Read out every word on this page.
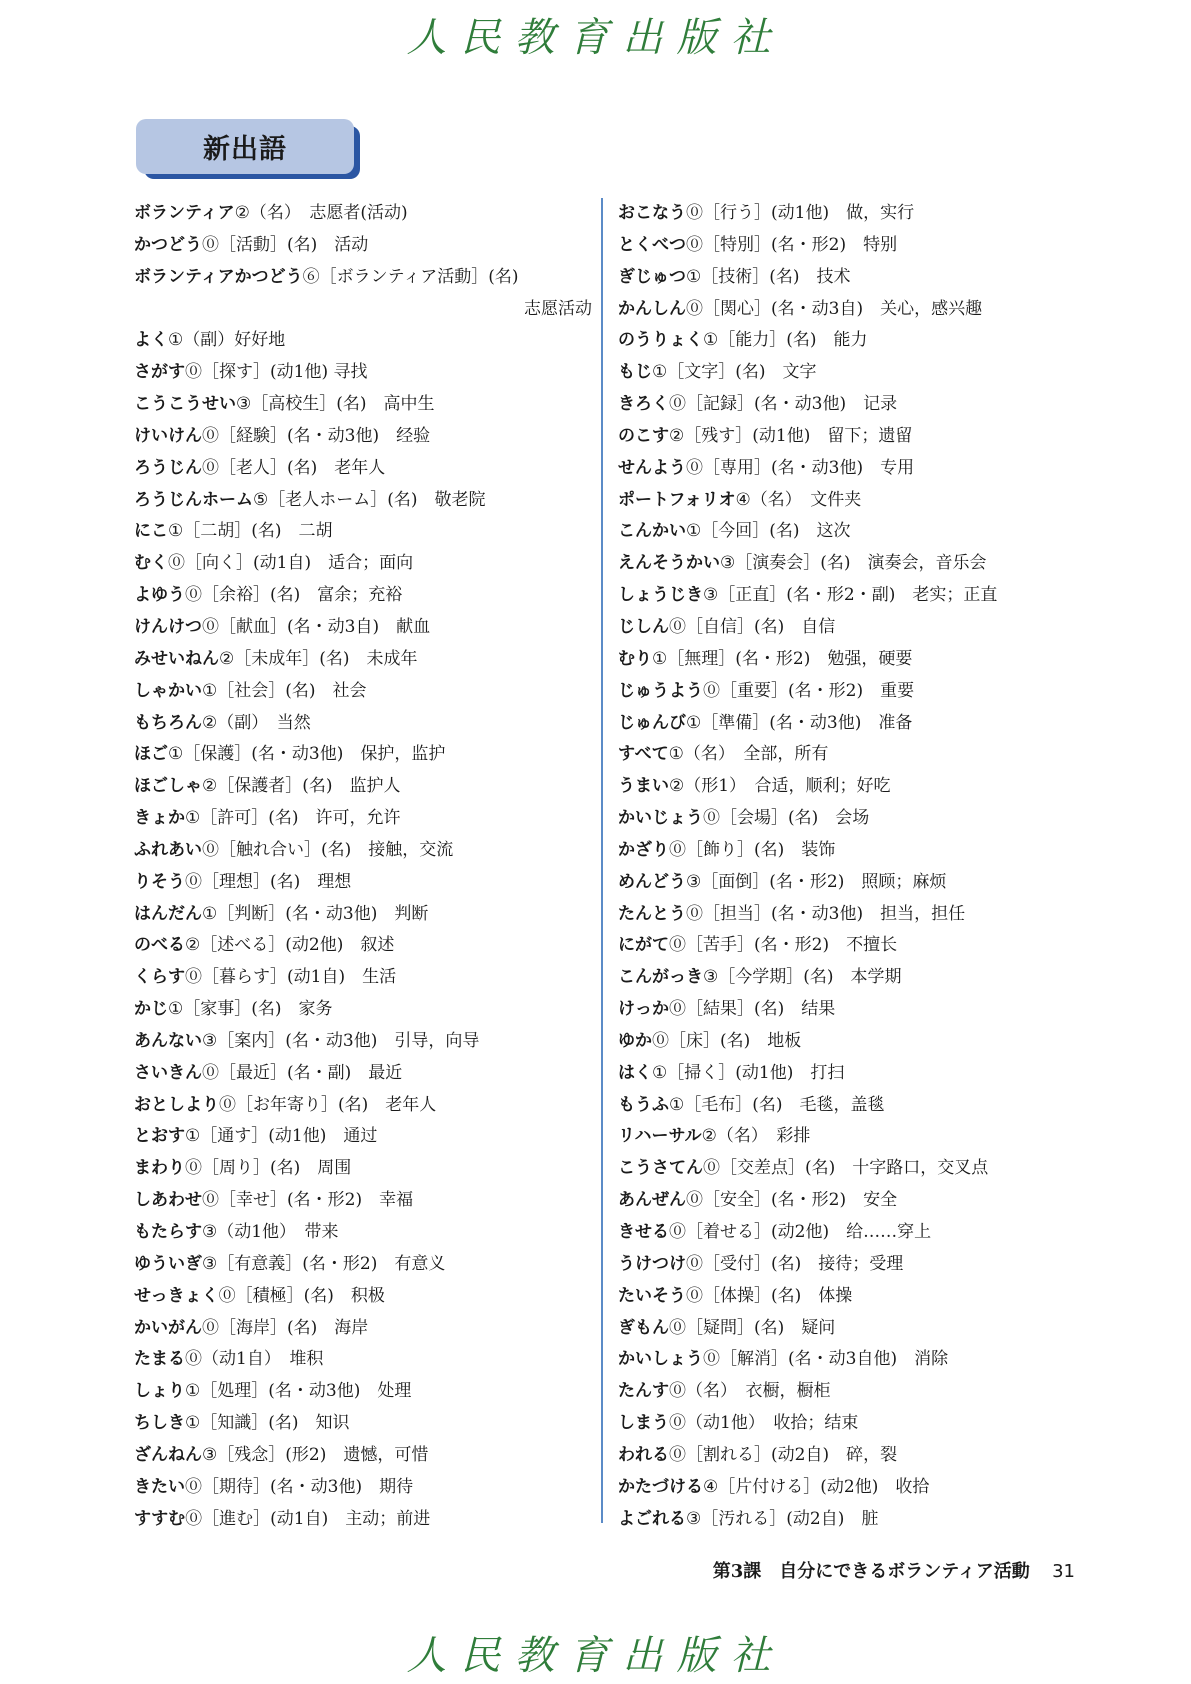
人民教育出版社
新出語
ボランティア②（名）　志愿者(活动)
かつどう⓪［活動］(名)　活动
ボランティアかつどう⑥［ボランティア活動］(名)
志愿活动
よく①（副）好好地
さがす⓪［探す］(动1他) 寻找
こうこうせい③［高校生］(名)　高中生
けいけん⓪［経験］(名・动3他)　经验
ろうじん⓪［老人］(名)　老年人
ろうじんホーム⑤［老人ホーム］(名)　敬老院
にこ①［二胡］(名)　二胡
むく⓪［向く］(动1自)　适合；面向
よゆう⓪［余裕］(名)　富余；充裕
けんけつ⓪［献血］(名・动3自)　献血
みせいねん②［未成年］(名)　未成年
しゃかい①［社会］(名)　社会
もちろん②（副）　当然
ほご①［保護］(名・动3他)　保护，监护
ほごしゃ②［保護者］(名)　监护人
きょか①［許可］(名)　许可，允许
ふれあい⓪［触れ合い］(名)　接触，交流
りそう⓪［理想］(名)　理想
はんだん①［判断］(名・动3他)　判断
のべる②［述べる］(动2他)　叙述
くらす⓪［暮らす］(动1自)　生活
かじ①［家事］(名)　家务
あんない③［案内］(名・动3他)　引导，向导
さいきん⓪［最近］(名・副)　最近
おとしより⓪［お年寄り］(名)　老年人
とおす①［通す］(动1他)　通过
まわり⓪［周り］(名)　周围
しあわせ⓪［幸せ］(名・形2)　幸福
もたらす③（动1他）　带来
ゆういぎ③［有意義］(名・形2)　有意义
せっきょく⓪［積極］(名)　积极
かいがん⓪［海岸］(名)　海岸
たまる⓪（动1自）　堆积
しょり①［処理］(名・动3他)　处理
ちしき①［知識］(名)　知识
ざんねん③［残念］(形2)　遗憾，可惜
きたい⓪［期待］(名・动3他)　期待
すすむ⓪［進む］(动1自)　主动；前进
おこなう⓪［行う］(动1他)　做，实行
とくべつ⓪［特別］(名・形2)　特别
ぎじゅつ①［技術］(名)　技术
かんしん⓪［関心］(名・动3自)　关心，感兴趣
のうりょく①［能力］(名)　能力
もじ①［文字］(名)　文字
きろく⓪［記録］(名・动3他)　记录
のこす②［残す］(动1他)　留下；遗留
せんよう⓪［専用］(名・动3他)　专用
ポートフォリオ④（名）　文件夹
こんかい①［今回］(名)　这次
えんそうかい③［演奏会］(名)　演奏会，音乐会
しょうじき③［正直］(名・形2・副)　老实；正直
じしん⓪［自信］(名)　自信
むり①［無理］(名・形2)　勉强，硬要
じゅうよう⓪［重要］(名・形2)　重要
じゅんび①［準備］(名・动3他)　准备
すべて①（名）　全部，所有
うまい②（形1）　合适，顺利；好吃
かいじょう⓪［会場］(名)　会场
かざり⓪［飾り］(名)　装饰
めんどう③［面倒］(名・形2)　照顾；麻烦
たんとう⓪［担当］(名・动3他)　担当，担任
にがて⓪［苦手］(名・形2)　不擅长
こんがっき③［今学期］(名)　本学期
けっか⓪［結果］(名)　结果
ゆか⓪［床］(名)　地板
はく①［掃く］(动1他)　打扫
もうふ①［毛布］(名)　毛毯，盖毯
リハーサル②（名）　彩排
こうさてん⓪［交差点］(名)　十字路口，交叉点
あんぜん⓪［安全］(名・形2)　安全
きせる⓪［着せる］(动2他)　给……穿上
うけつけ⓪［受付］(名)　接待；受理
たいそう⓪［体操］(名)　体操
ぎもん⓪［疑問］(名)　疑问
かいしょう⓪［解消］(名・动3自他)　消除
たんす⓪（名）　衣橱，橱柜
しまう⓪（动1他）　收拾；结束
われる⓪［割れる］(动2自)　碎，裂
かたづける④［片付ける］(动2他)　收拾
よごれる③［汚れる］(动2自)　脏
第3課　自分にできるボランティア活動 31
人民教育出版社
